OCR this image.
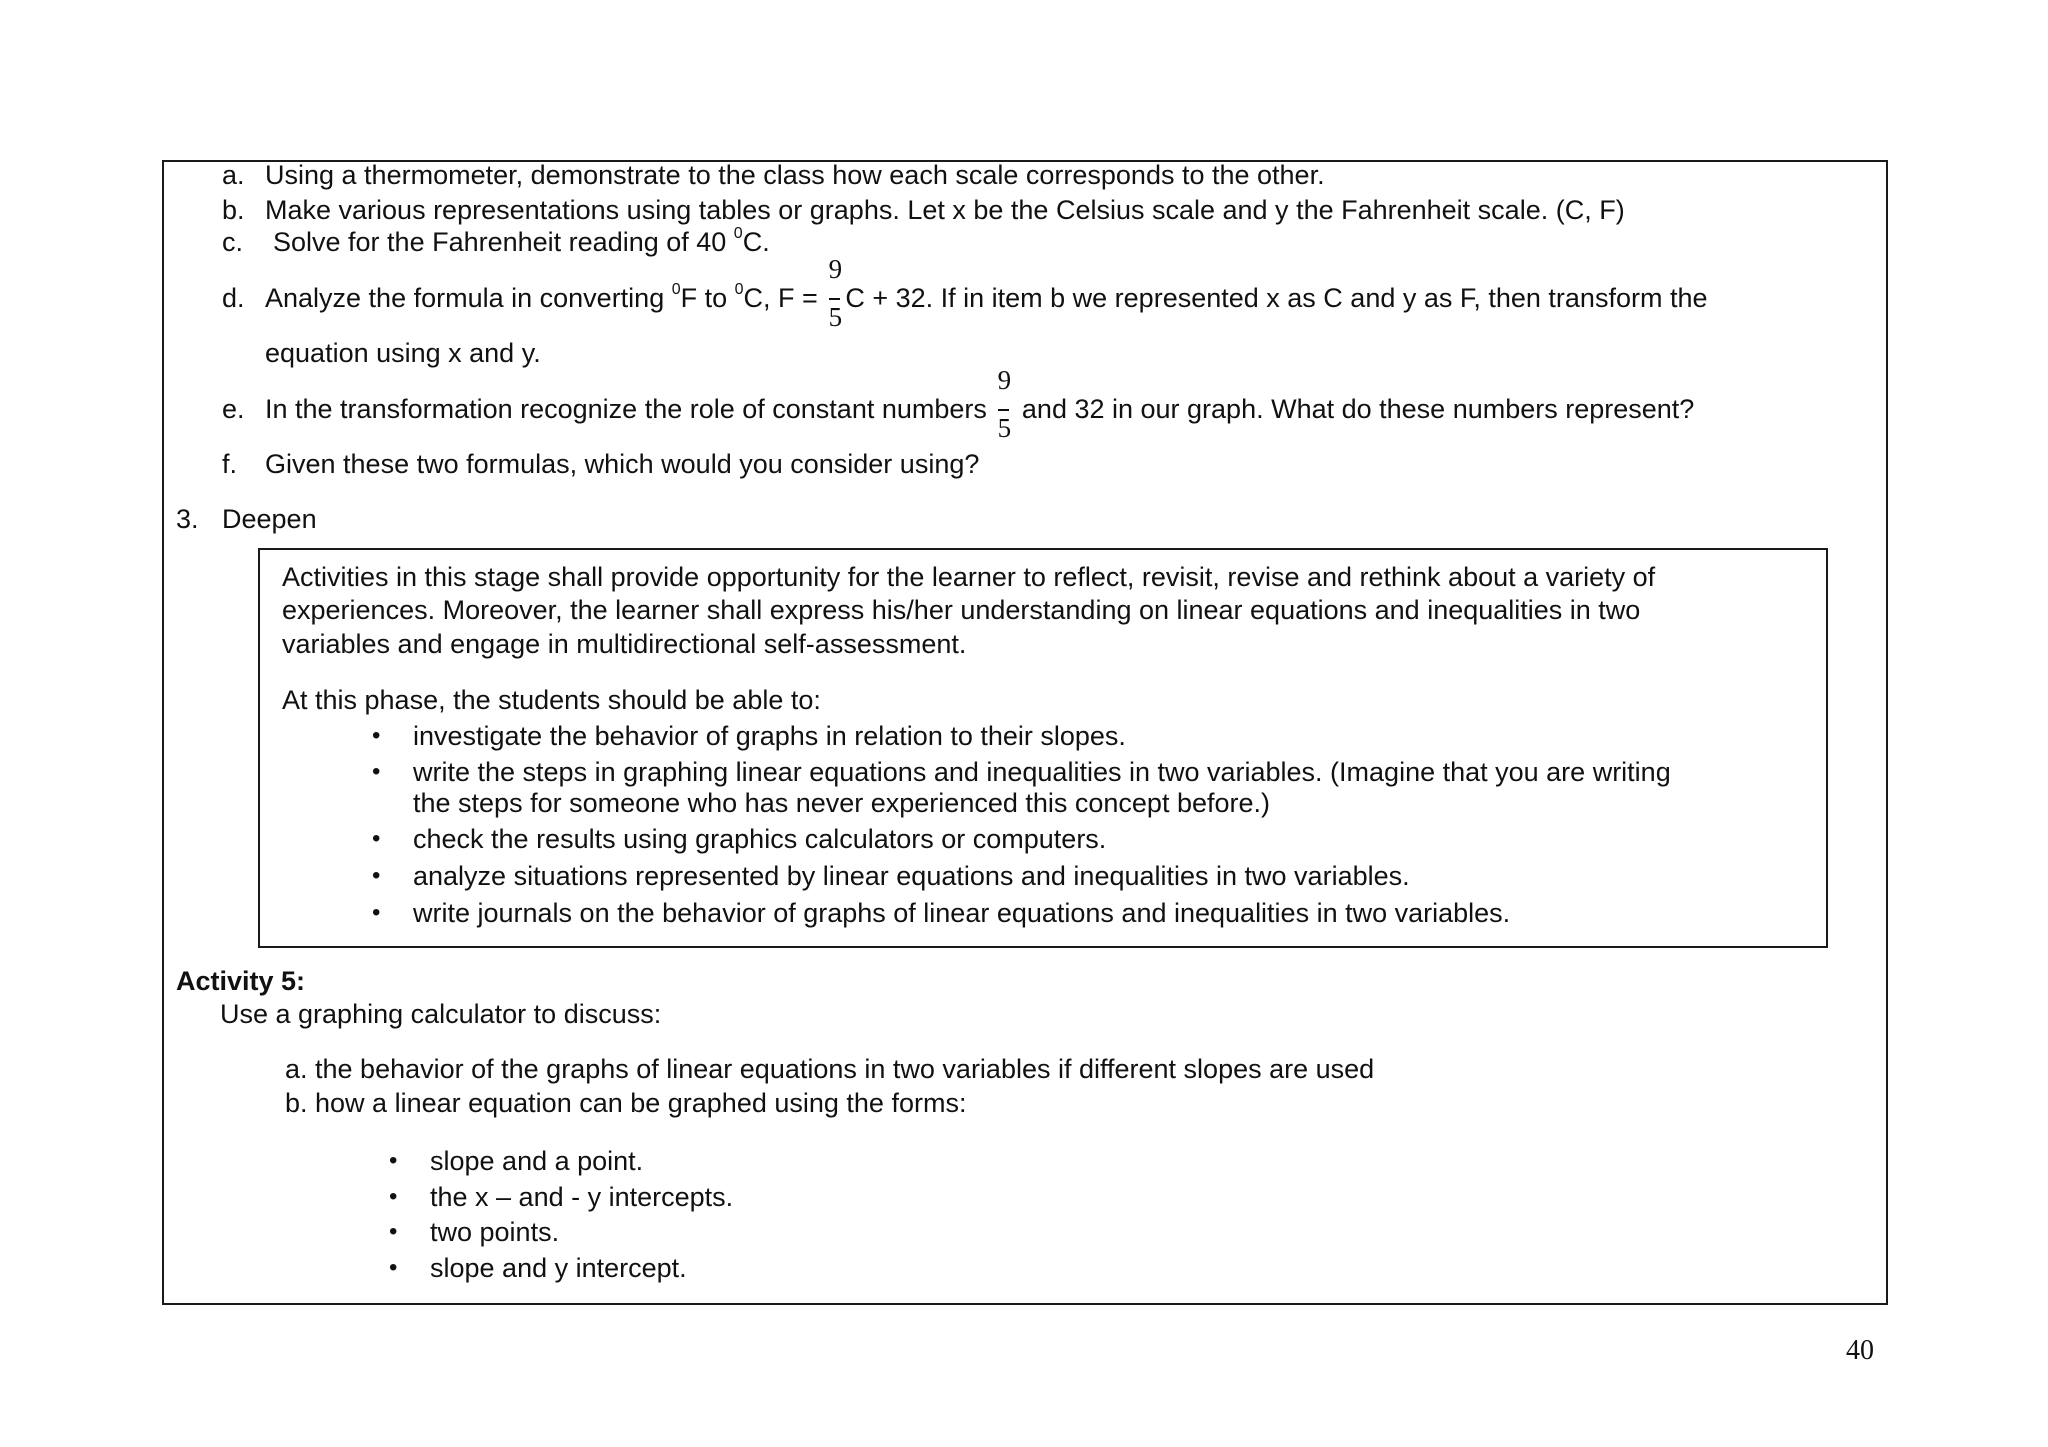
a. Using a thermometer, demonstrate to the class how each scale corresponds to the other.
b. Make various representations using tables or graphs. Let x be the Celsius scale and y the Fahrenheit scale. (C, F)
c. Solve for the Fahrenheit reading of 40 $^0$C.
d. Analyze the formula in converting $^0$F to $^0$C, $F = \frac{9}{5}$ C + 32. If in item b we represented x as C and y as F, then transform the
equation using x and y.
e. In the transformation recognize the role of constant numbers $\frac{9}{5}$ and 32 in our graph. What do these numbers represent?
f. Given these two formulas, which would you consider using?
3. Deepen
Activities in this stage shall provide opportunity for the learner to reflect, revisit, revise and rethink about a variety of
experiences. Moreover, the learner shall express his/her understanding on linear equations and inequalities in two
variables and engage in multidirectional self-assessment.
At this phase, the students should be able to:
• investigate the behavior of graphs in relation to their slopes.
• write the steps in graphing linear equations and inequalities in two variables. (Imagine that you are writing
the steps for someone who has never experienced this concept before.)
• check the results using graphics calculators or computers.
• analyze situations represented by linear equations and inequalities in two variables.
• write journals on the behavior of graphs of linear equations and inequalities in two variables.
Activity 5:
Use a graphing calculator to discuss:
a. the behavior of the graphs of linear equations in two variables if different slopes are used
b. how a linear equation can be graphed using the forms:
• slope and a point.
• the x – and - y intercepts.
• two points.
• slope and y intercept.
40
